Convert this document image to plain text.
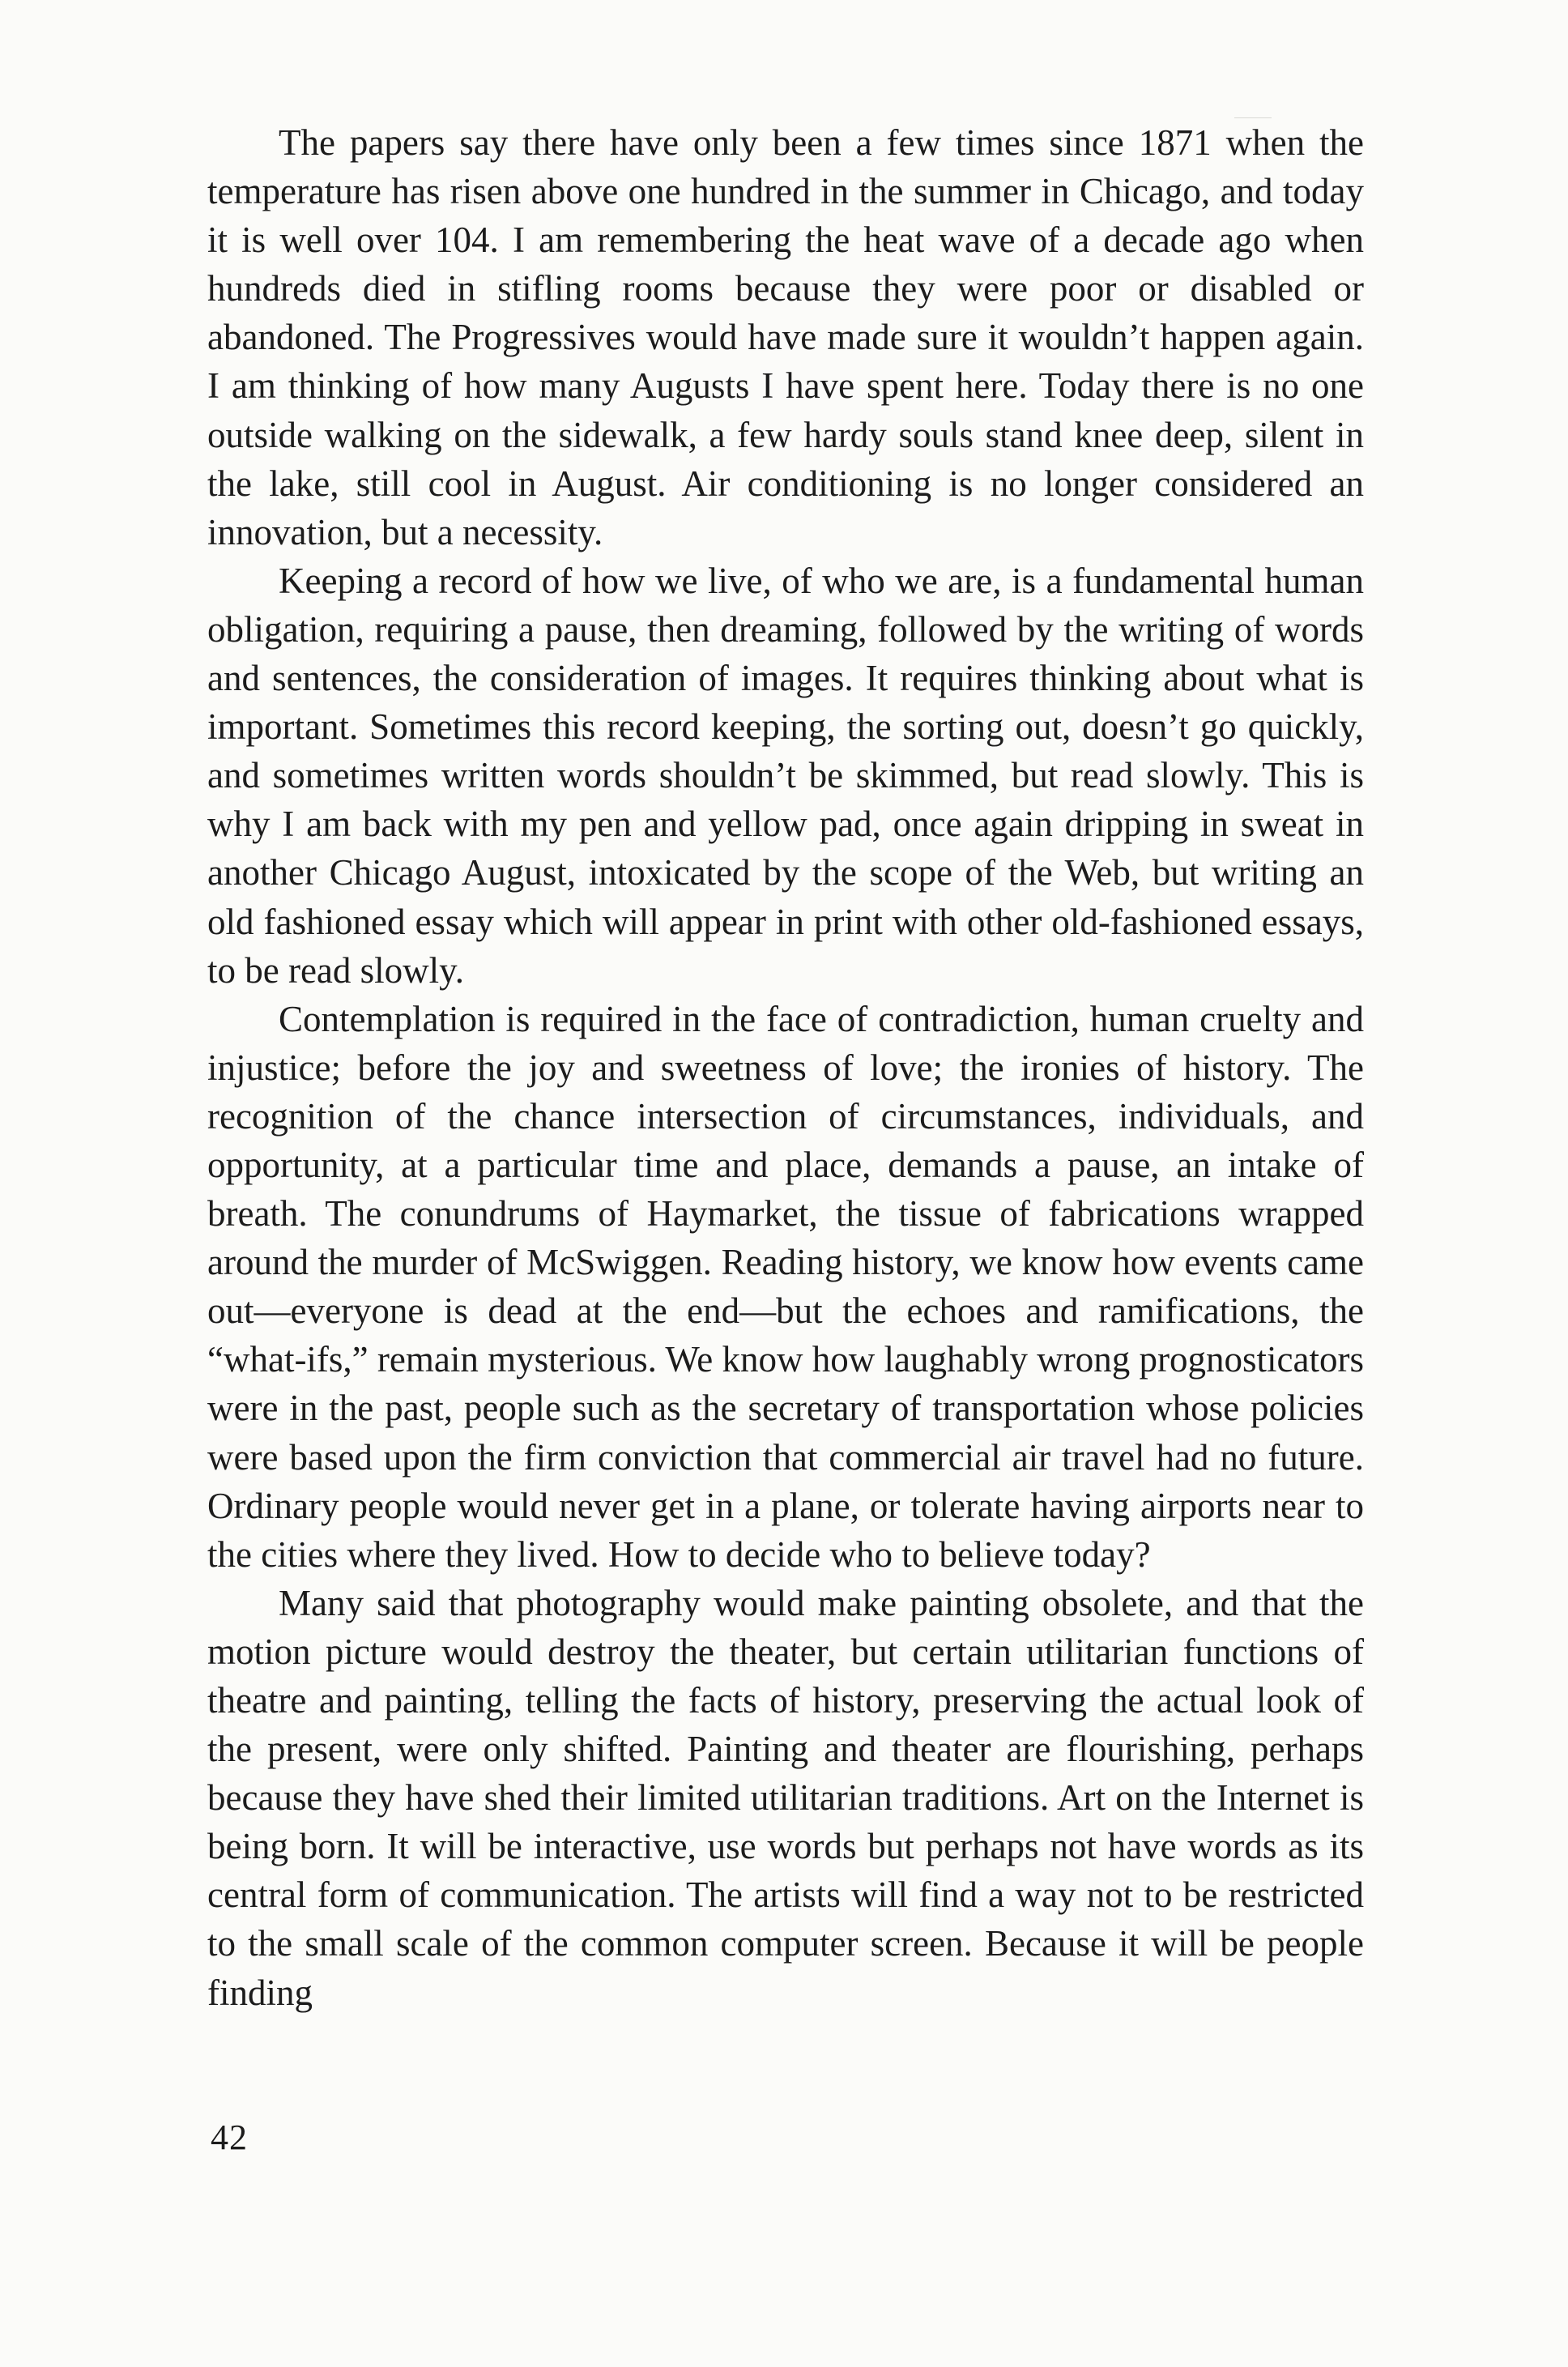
The papers say there have only been a few times since 1871 when the temperature has risen above one hundred in the summer in Chicago, and today it is well over 104. I am remembering the heat wave of a decade ago when hundreds died in stifling rooms because they were poor or disabled or abandoned. The Progressives would have made sure it wouldn’t happen again. I am thinking of how many Augusts I have spent here. Today there is no one outside walking on the sidewalk, a few hardy souls stand knee deep, silent in the lake, still cool in August. Air conditioning is no longer considered an innovation, but a necessity.

Keeping a record of how we live, of who we are, is a fundamental human obligation, requiring a pause, then dreaming, followed by the writing of words and sentences, the consideration of images. It requires thinking about what is important. Sometimes this record keeping, the sorting out, doesn’t go quickly, and sometimes written words shouldn’t be skimmed, but read slowly. This is why I am back with my pen and yellow pad, once again dripping in sweat in another Chicago August, intoxicated by the scope of the Web, but writing an old fashioned essay which will appear in print with other old-fashioned essays, to be read slowly.

Contemplation is required in the face of contradiction, human cruelty and injustice; before the joy and sweetness of love; the ironies of history. The recognition of the chance intersection of circumstances, individuals, and opportunity, at a particular time and place, demands a pause, an intake of breath. The conundrums of Haymarket, the tissue of fabrications wrapped around the murder of McSwiggen. Reading history, we know how events came out—everyone is dead at the end—but the echoes and ramifications, the “what-ifs,” remain mysterious. We know how laughably wrong prognosticators were in the past, people such as the secretary of transportation whose policies were based upon the firm conviction that commercial air travel had no future. Ordinary people would never get in a plane, or tolerate having airports near to the cities where they lived. How to decide who to believe today?

Many said that photography would make painting obsolete, and that the motion picture would destroy the theater, but certain utilitarian functions of theatre and painting, telling the facts of history, preserving the actual look of the present, were only shifted. Painting and theater are flourishing, perhaps because they have shed their limited utilitarian traditions. Art on the Internet is being born. It will be interactive, use words but perhaps not have words as its central form of communication. The artists will find a way not to be restricted to the small scale of the common computer screen. Because it will be people finding

42
